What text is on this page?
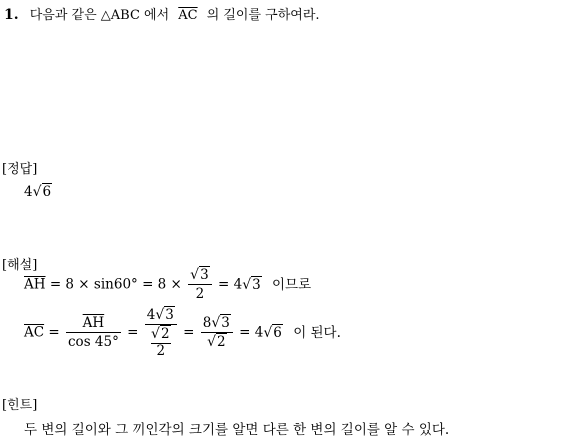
1. 다음과 같은 △ABC 에서 $\overline{AC}$ 의 길이를 구하여라.
[정답]
4√6
[해설]
$\overline{AH} = 8 \times \sin 60^\circ = 8 \times \frac{√3}{2} = 4√3$ 이므로
$\overline{AC} = \frac{\overline{AH}}{\cos 45^\circ} = \frac{4√3}{\frac{√2}{2}} = \frac{8√3}{√2} = 4√6$ 이 된다.
[힌트]
두 변의 길이와 그 끼인각의 크기를 알면 다른 한 변의 길이를 알 수 있다.
